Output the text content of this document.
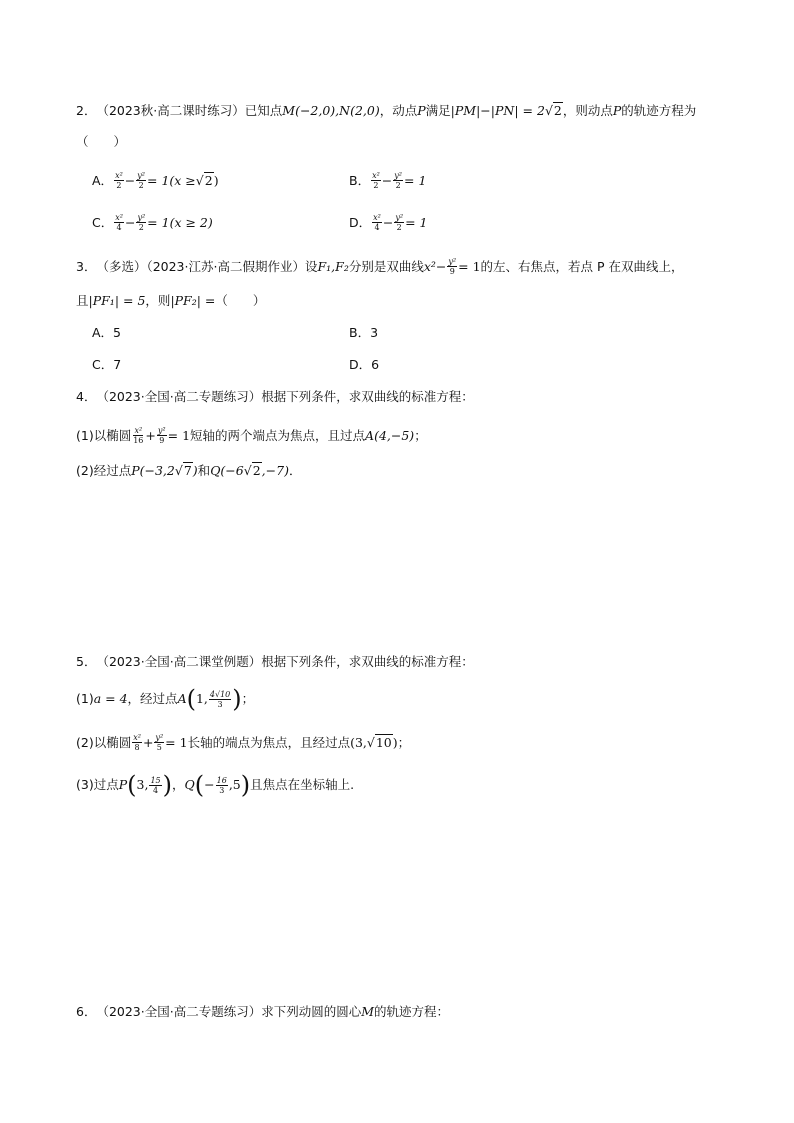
2． （2023秋·高二课时练习） 已知点 M(−2,0),N(2,0) ，动点 P 满足 |PM|−|PN| = 2 √2 ，则动点 P 的轨迹方程为
（　　）
A． $\frac{\text{x²}}{2} - \frac{\text{y²}}{2} = 1(x \ge √2$ )	B． $\frac{\text{x²}}{2} - \frac{\text{y²}}{2} = 1$
C． $\frac{\text{x²}}{4} - \frac{\text{y²}}{2} = 1(x \ge 2)$	D． $\frac{\text{x²}}{4} - \frac{\text{y²}}{2} = 1$
3． （多选）（2023·江苏·高二假期作业） 设 F₁,F₂ 分别是双曲线 $x^2 - \frac{\text{y²}}{9} = 1$ 的左、右焦点，若点 P 在双曲线上，
且 |PF₁| = 5 ，则 |PF₂| = （　　）
A．5	B．3
C．7	D．6
4． （2023·全国·高二专题练习） 根据下列条件，求双曲线的标准方程：
(1)以椭圆 $\frac{\text{x²}}{16} + \frac{\text{y²}}{9} = 1$ 短轴的两个端点为焦点，且过点 A(4,−5) ；
(2)经过点 P(−3,2 √7 ) 和 Q(−6 √2 ,−7) ．
5． （2023·全国·高二课堂例题） 根据下列条件，求双曲线的标准方程：
(1) a = 4 ，经过点 A ( 1, $\frac{4√10}{3}$ ) ；
(2)以椭圆 $\frac{\text{x²}}{8} + \frac{\text{y²}}{5} = 1$ 长轴的端点为焦点，且经过点 (3, √10 ) ；
(3)过点 P ( 3, $\frac{15}{4}$ ) ， Q ( − $\frac{16}{3} ,5$ ) 且焦点在坐标轴上.
6． （2023·全国·高二专题练习） 求下列动圆的圆心 M 的轨迹方程：
